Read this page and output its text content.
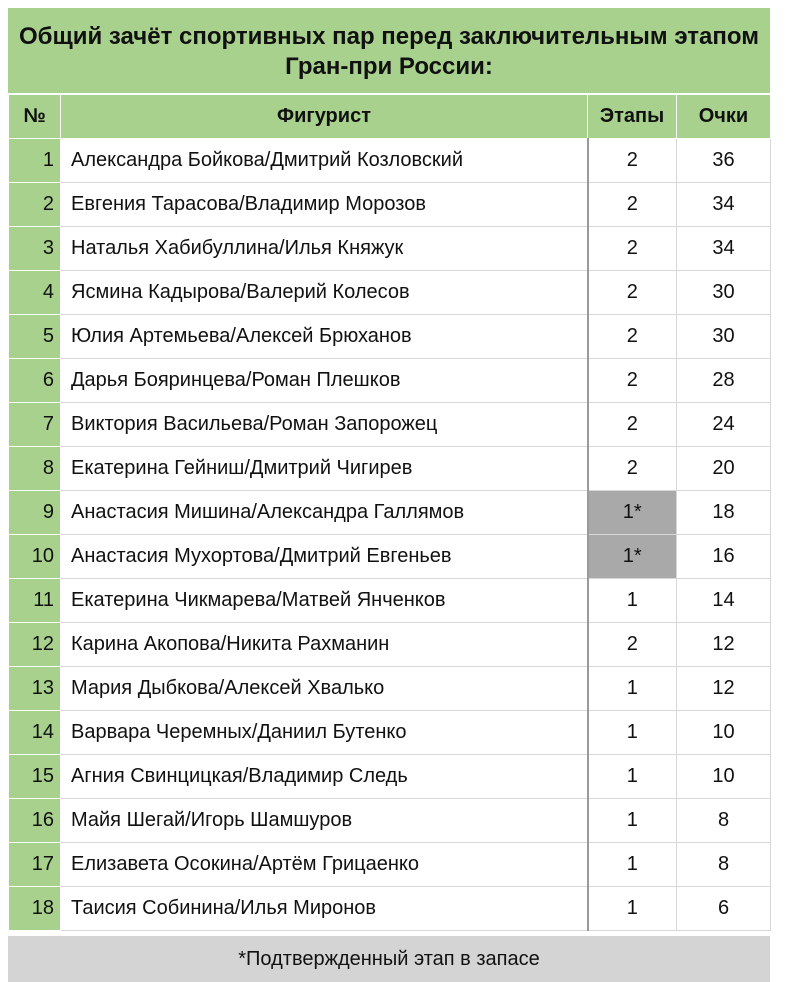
Общий зачёт спортивных пар перед заключительным этапом Гран-при России:
№	Фигурист	Этапы	Очки
1	Александра Бойкова/Дмитрий Козловский	2	36
2	Евгения Тарасова/Владимир Морозов	2	34
3	Наталья Хабибуллина/Илья Княжук	2	34
4	Ясмина Кадырова/Валерий Колесов	2	30
5	Юлия Артемьева/Алексей Брюханов	2	30
6	Дарья Бояринцева/Роман Плешков	2	28
7	Виктория Васильева/Роман Запорожец	2	24
8	Екатерина Гейниш/Дмитрий Чигирев	2	20
9	Анастасия Мишина/Александра Галлямов	1*	18
10	Анастасия Мухортова/Дмитрий Евгеньев	1*	16
11	Екатерина Чикмарева/Матвей Янченков	1	14
12	Карина Акопова/Никита Рахманин	2	12
13	Мария Дыбкова/Алексей Хвалько	1	12
14	Варвара Черемных/Даниил Бутенко	1	10
15	Агния Свинцицкая/Владимир Следь	1	10
16	Майя Шегай/Игорь Шамшуров	1	8
17	Елизавета Осокина/Артём Грицаенко	1	8
18	Таисия Собинина/Илья Миронов	1	6
*Подтвержденный этап в запасе
